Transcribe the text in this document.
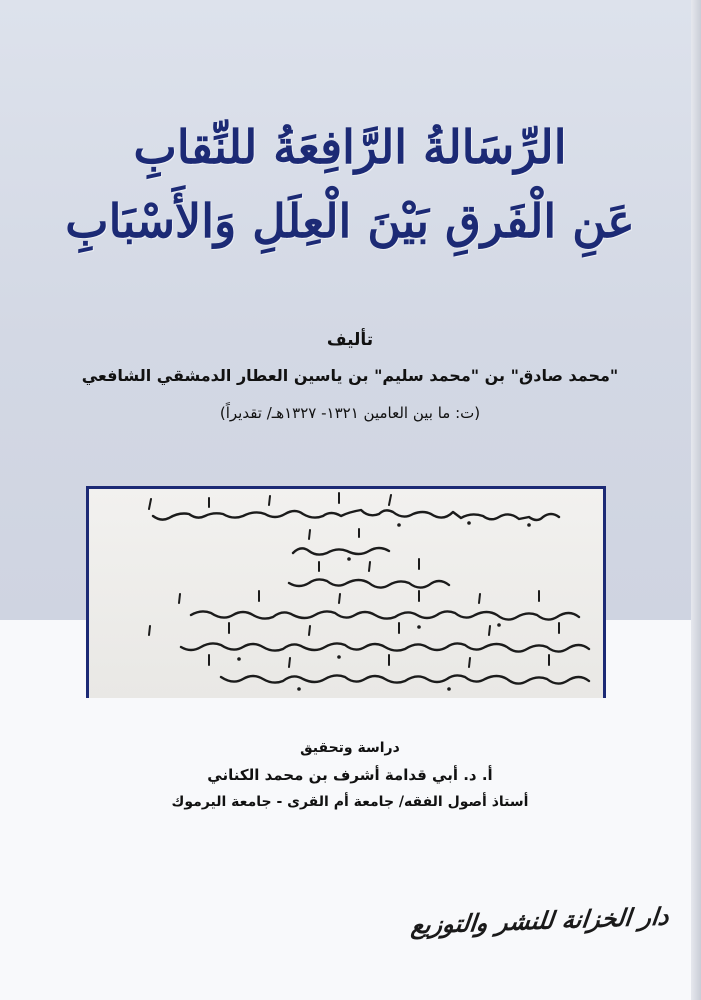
الرِّسَالةُ الرَّافِعَةُ للنِّقابِ
عَنِ الْفَرقِ بَيْنَ الْعِلَلِ وَالأَسْبَابِ
تأليف
"محمد صادق" بن "محمد سليم" بن ياسين العطار الدمشقي الشافعي
(ت: ما بين العامين ١٣٢١- ١٣٢٧هـ/ تقديراً)
دراسة وتحقيق
أ. د. أبي قدامة أشرف بن محمد الكناني
أستاذ أصول الفقه/ جامعة أم القرى - جامعة اليرموك
دار الخزانة للنشر والتوزيع
